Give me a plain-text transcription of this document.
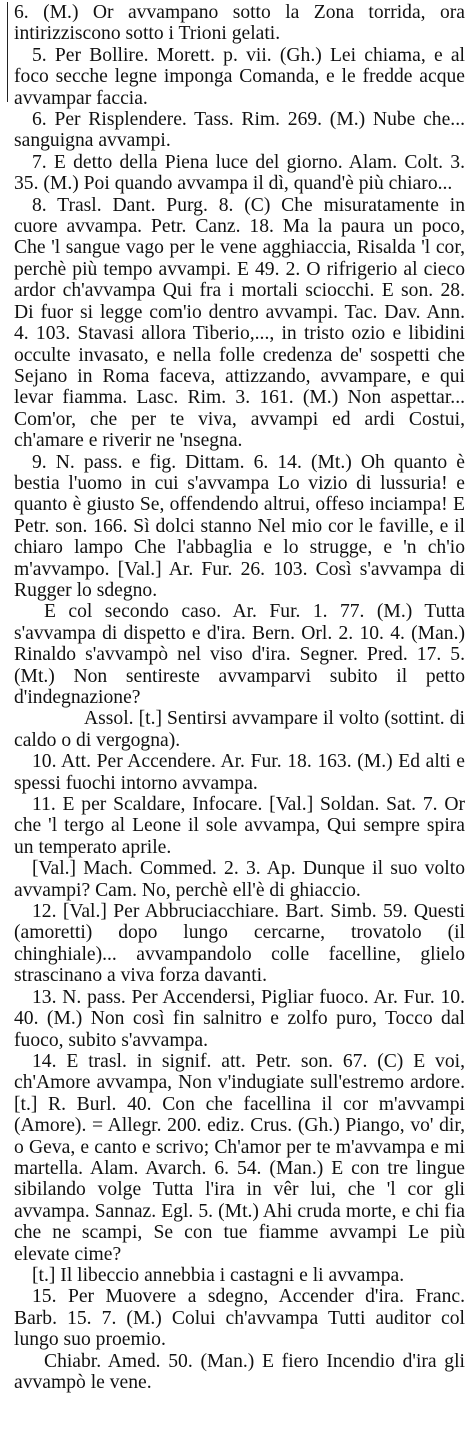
6. (M.) Or avvampano sotto la Zona torrida, ora intirizziscono sotto i Trioni gelati.

5. Per Bollire. Morett. p. vii. (Gh.) Lei chiama, e al foco secche legne imponga Comanda, e le fredde acque avvampar faccia.

6. Per Risplendere. Tass. Rim. 269. (M.) Nube che... sanguigna avvampi.

7. E detto della Piena luce del giorno. Alam. Colt. 3. 35. (M.) Poi quando avvampa il dì, quand'è più chiaro...

8. Trasl. Dant. Purg. 8. (C) Che misuratamente in cuore avvampa. Petr. Canz. 18. Ma la paura un poco, Che 'l sangue vago per le vene agghiaccia, Risalda 'l cor, perchè più tempo avvampi. E 49. 2. O rifrigerio al cieco ardor ch'avvampa Qui fra i mortali sciocchi. E son. 28. Di fuor si legge com'io dentro avvampi. Tac. Dav. Ann. 4. 103. Stavasi allora Tiberio,..., in tristo ozio e libidini occulte invasato, e nella folle credenza de' sospetti che Sejano in Roma faceva, attizzando, avvampare, e qui levar fiamma. Lasc. Rim. 3. 161. (M.) Non aspettar... Com'or, che per te viva, avvampi ed ardi Costui, ch'amare e riverir ne 'nsegna.

9. N. pass. e fig. Dittam. 6. 14. (Mt.) Oh quanto è bestia l'uomo in cui s'avvampa Lo vizio di lussuria! e quanto è giusto Se, offendendo altrui, offeso inciampa! E Petr. son. 166. Sì dolci stanno Nel mio cor le faville, e il chiaro lampo Che l'abbaglia e lo strugge, e 'n ch'io m'avvampo. [Val.] Ar. Fur. 26. 103. Così s'avvampa di Rugger lo sdegno.

E col secondo caso. Ar. Fur. 1. 77. (M.) Tutta s'avvampa di dispetto e d'ira. Bern. Orl. 2. 10. 4. (Man.) Rinaldo s'avvampò nel viso d'ira. Segner. Pred. 17. 5. (Mt.) Non sentireste avvamparvi subito il petto d'indegnazione?

Assol. [t.] Sentirsi avvampare il volto (sottint. di caldo o di vergogna).

10. Att. Per Accendere. Ar. Fur. 18. 163. (M.) Ed alti e spessi fuochi intorno avvampa.

11. E per Scaldare, Infocare. [Val.] Soldan. Sat. 7. Or che 'l tergo al Leone il sole avvampa, Qui sempre spira un temperato aprile.

[Val.] Mach. Commed. 2. 3. Ap. Dunque il suo volto avvampi? Cam. No, perchè ell'è di ghiaccio.

12. [Val.] Per Abbruciacchiare. Bart. Simb. 59. Questi (amoretti) dopo lungo cercarne, trovatolo (il chinghiale)... avvampandolo colle facelline, glielo strascinano a viva forza davanti.

13. N. pass. Per Accendersi, Pigliar fuoco. Ar. Fur. 10. 40. (M.) Non così fin salnitro e zolfo puro, Tocco dal fuoco, subito s'avvampa.

14. E trasl. in signif. att. Petr. son. 67. (C) E voi, ch'Amore avvampa, Non v'indugiate sull'estremo ardore. [t.] R. Burl. 40. Con che facellina il cor m'avvampi (Amore). = Allegr. 200. ediz. Crus. (Gh.) Piango, vo' dir, o Geva, e canto e scrivo; Ch'amor per te m'avvampa e mi martella. Alam. Avarch. 6. 54. (Man.) E con tre lingue sibilando volge Tutta l'ira in vêr lui, che 'l cor gli avvampa. Sannaz. Egl. 5. (Mt.) Ahi cruda morte, e chi fia che ne scampi, Se con tue fiamme avvampi Le più elevate cime?

[t.] Il libeccio annebbia i castagni e li avvampa.

15. Per Muovere a sdegno, Accender d'ira. Franc. Barb. 15. 7. (M.) Colui ch'avvampa Tutti auditor col lungo suo proemio.

Chiabr. Amed. 50. (Man.) E fiero Incendio d'ira gli avvampò le vene.
